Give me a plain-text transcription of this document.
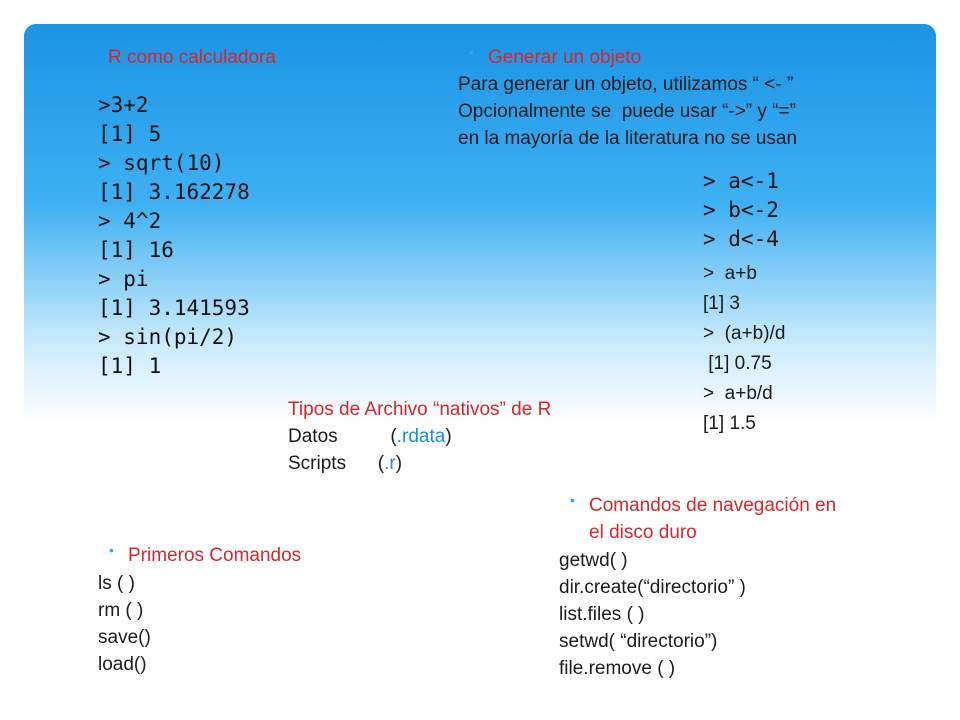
R como calculadora
>3+2
[1] 5
> sqrt(10)
[1] 3.162278
> 4^2
[1] 16
> pi
[1] 3.141593
> sin(pi/2)
[1] 1
• Generar un objeto
Para generar un objeto, utilizamos “ <- ”
Opcionalmente se  puede usar “->” y “=”
en la mayoría de la literatura no se usan
> a<-1
> b<-2
> d<-4
>  a+b
[1] 3
>  (a+b)/d
[1] 0.75
>  a+b/d
[1] 1.5
Tipos de Archivo “nativos” de R
Datos          (.rdata)
Scripts      (.r)
• Comandos de navegación en
el disco duro
getwd( )
dir.create(“directorio” )
list.files ( )
setwd( “directorio”)
file.remove ( )
• Primeros Comandos
ls ( )
rm ( )
save()
load()
